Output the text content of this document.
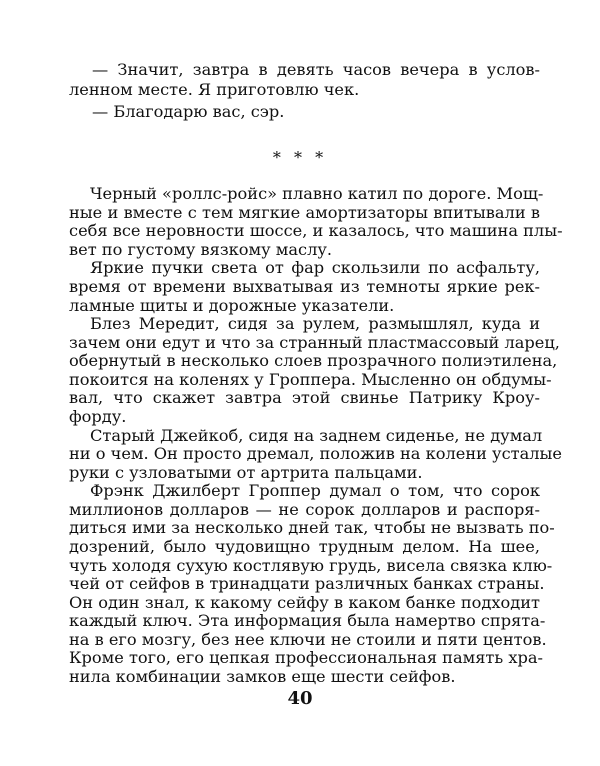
— Значит, завтра в девять часов вечера в услов-
ленном месте. Я приготовлю чек.
— Благодарю вас, сэр.
* * *
Черный «роллс-ройс» плавно катил по дороге. Мощ-
ные и вместе с тем мягкие амортизаторы впитывали в
себя все неровности шоссе, и казалось, что машина плы-
вет по густому вязкому маслу.
Яркие пучки света от фар скользили по асфальту,
время от времени выхватывая из темноты яркие рек-
ламные щиты и дорожные указатели.
Блез Мередит, сидя за рулем, размышлял, куда и
зачем они едут и что за странный пластмассовый ларец,
обернутый в несколько слоев прозрачного полиэтилена,
покоится на коленях у Гроппера. Мысленно он обдумы-
вал, что скажет завтра этой свинье Патрику Кроу-
форду.
Старый Джейкоб, сидя на заднем сиденье, не думал
ни о чем. Он просто дремал, положив на колени усталые
руки с узловатыми от артрита пальцами.
Фрэнк Джилберт Гроппер думал о том, что сорок
миллионов долларов — не сорок долларов и распоря-
диться ими за несколько дней так, чтобы не вызвать по-
дозрений, было чудовищно трудным делом. На шее,
чуть холодя сухую костлявую грудь, висела связка клю-
чей от сейфов в тринадцати различных банках страны.
Он один знал, к какому сейфу в каком банке подходит
каждый ключ. Эта информация была намертво спрята-
на в его мозгу, без нее ключи не стоили и пяти центов.
Кроме того, его цепкая профессиональная память хра-
нила комбинации замков еще шести сейфов.
40
